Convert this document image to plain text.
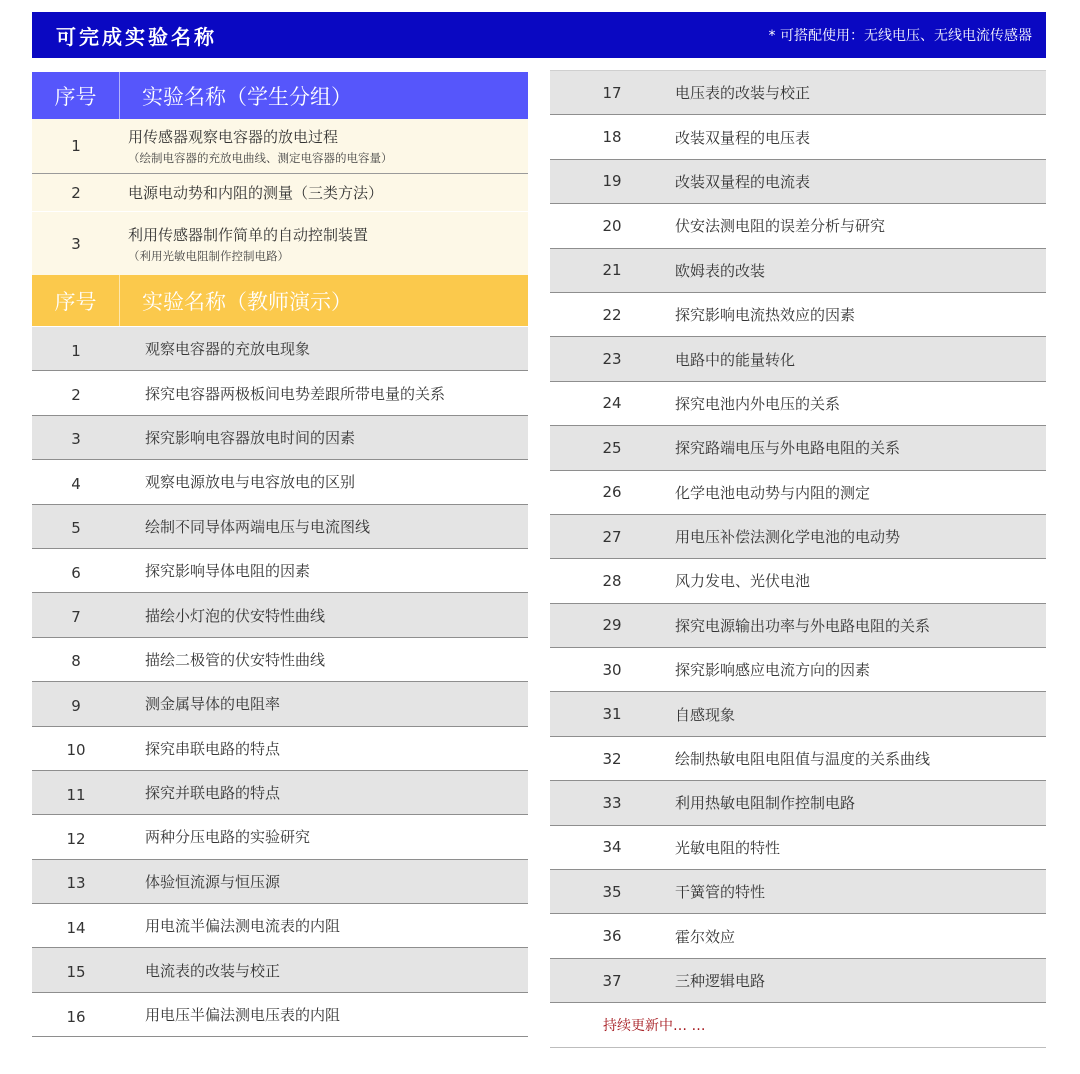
可完成实验名称	* 可搭配使用：无线电压、无线电流传感器
序号	实验名称（学生分组）
1	用传感器观察电容器的放电过程
（绘制电容器的充放电曲线、测定电容器的电容量）
2	电源电动势和内阻的测量（三类方法）
3	利用传感器制作简单的自动控制装置
（利用光敏电阻制作控制电路）
序号	实验名称（教师演示）
1	观察电容器的充放电现象
2	探究电容器两极板间电势差跟所带电量的关系
3	探究影响电容器放电时间的因素
4	观察电源放电与电容放电的区别
5	绘制不同导体两端电压与电流图线
6	探究影响导体电阻的因素
7	描绘小灯泡的伏安特性曲线
8	描绘二极管的伏安特性曲线
9	测金属导体的电阻率
10	探究串联电路的特点
11	探究并联电路的特点
12	两种分压电路的实验研究
13	体验恒流源与恒压源
14	用电流半偏法测电流表的内阻
15	电流表的改装与校正
16	用电压半偏法测电压表的内阻
17	电压表的改装与校正
18	改装双量程的电压表
19	改装双量程的电流表
20	伏安法测电阻的误差分析与研究
21	欧姆表的改装
22	探究影响电流热效应的因素
23	电路中的能量转化
24	探究电池内外电压的关系
25	探究路端电压与外电路电阻的关系
26	化学电池电动势与内阻的测定
27	用电压补偿法测化学电池的电动势
28	风力发电、光伏电池
29	探究电源输出功率与外电路电阻的关系
30	探究影响感应电流方向的因素
31	自感现象
32	绘制热敏电阻电阻值与温度的关系曲线
33	利用热敏电阻制作控制电路
34	光敏电阻的特性
35	干簧管的特性
36	霍尔效应
37	三种逻辑电路
持续更新中… …
